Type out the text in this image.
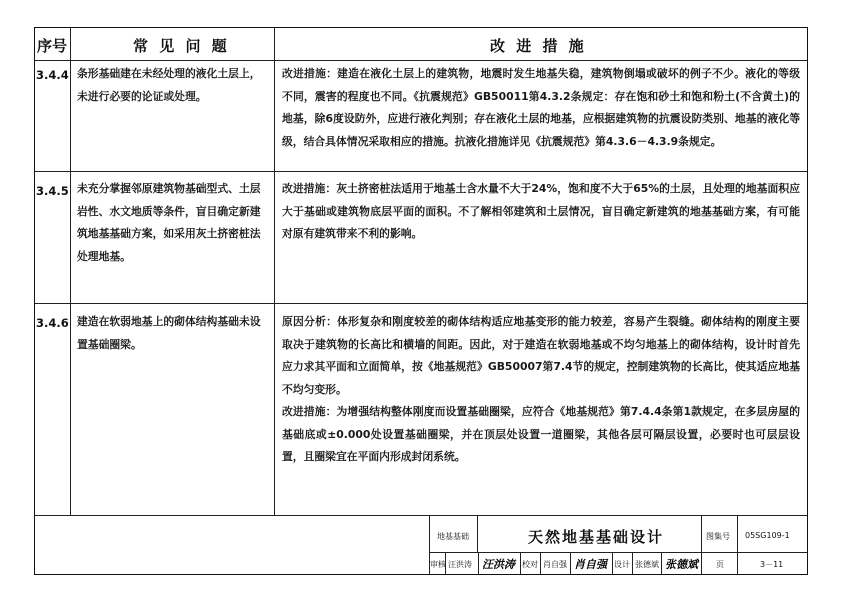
序号	常 见 问 题	改 进 措 施
3.4.4 条形基础建在未经处理的液化土层上，未进行必要的论证或处理。

改进措施：建造在液化土层上的建筑物，地震时发生地基失稳，建筑物倒塌或破坏的例子不少。液化的等级不同，震害的程度也不同。《抗震规范》GB50011第4.3.2条规定：存在饱和砂土和饱和粉土(不含黄土)的地基，除6度设防外，应进行液化判别；存在液化土层的地基，应根据建筑物的抗震设防类别、地基的液化等级，结合具体情况采取相应的措施。抗液化措施详见《抗震规范》第4.3.6－4.3.9条规定。

3.4.5 未充分掌握邻原建筑物基础型式、土层岩性、水文地质等条件，盲目确定新建筑地基基础方案，如采用灰土挤密桩法处理地基。

改进措施：灰土挤密桩法适用于地基土含水量不大于24%，饱和度不大于65%的土层，且处理的地基面积应大于基础或建筑物底层平面的面积。不了解相邻建筑和土层情况，盲目确定新建筑的地基基础方案，有可能对原有建筑带来不利的影响。

3.4.6 建造在软弱地基上的砌体结构基础未设置基础圈梁。

原因分析：体形复杂和刚度较差的砌体结构适应地基变形的能力较差，容易产生裂缝。砌体结构的刚度主要取决于建筑物的长高比和横墙的间距。因此，对于建造在软弱地基或不均匀地基上的砌体结构，设计时首先应力求其平面和立面简单，按《地基规范》GB50007第7.4节的规定，控制建筑物的长高比，使其适应地基不均匀变形。

改进措施：为增强结构整体刚度而设置基础圈梁，应符合《地基规范》第7.4.4条第1款规定，在多层房屋的基础底或±0.000处设置基础圈梁，并在顶层处设置一道圈梁，其他各层可隔层设置，必要时也可层层设置，且圈梁宜在平面内形成封闭系统。

地基基础	天然地基基础设计	图集号 05SG109-1
审核 汪洪涛 汪洪涛 校对 肖自强 肖自强 设计 张德斌 张德斌 页	3－11
